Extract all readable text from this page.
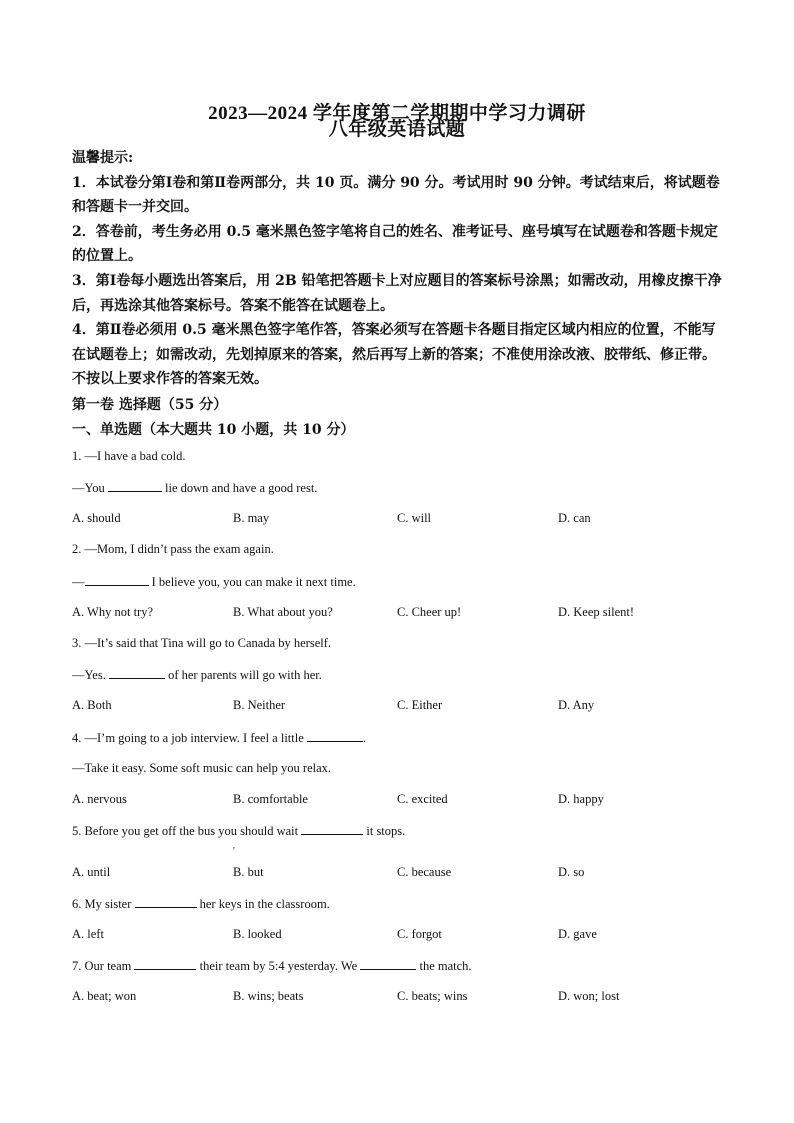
2023—2024 学年度第二学期期中学习力调研
八年级英语试题

温馨提示:

1．本试卷分第Ⅰ卷和第Ⅱ卷两部分，共 10 页。满分 90 分。考试用时 90 分钟。考试结束后，将试题卷和答题卡一并交回。

2．答卷前，考生务必用 0.5 毫米黑色签字笔将自己的姓名、准考证号、座号填写在试题卷和答题卡规定的位置上。

3．第Ⅰ卷每小题选出答案后，用 2B 铅笔把答题卡上对应题目的答案标号涂黑；如需改动，用橡皮擦干净后，再选涂其他答案标号。答案不能答在试题卷上。

4．第Ⅱ卷必须用 0.5 毫米黑色签字笔作答，答案必须写在答题卡各题目指定区域内相应的位置，不能写在试题卷上；如需改动，先划掉原来的答案，然后再写上新的答案；不准使用涂改液、胶带纸、修正带。不按以上要求作答的答案无效。

第一卷 选择题（55 分）
一、单选题（本大题共 10 小题，共 10 分）
1. —I have a bad cold.
—You	lie down and have a good rest.
A. should	B. may	C. will	D. can
2. —Mom, I didn’t pass the exam again.
—	I believe you, you can make it next time.
A. Why not try?	B. What about you?	C. Cheer up!	D. Keep silent!
3. —It’s said that Tina will go to Canada by herself.
—Yes.	of her parents will go with her.
A. Both	B. Neither	C. Either	D. Any
4. —I’m going to a job interview. I feel a little	.
—Take it easy. Some soft music can help you relax.
A. nervous	B. comfortable	C. excited	D. happy
5. Before you get off the bus you should wait	it stops.
'
A. until	B. but	C. because	D. so
6. My sister	her keys in the classroom.
A. left	B. looked	C. forgot	D. gave
7. Our team	their team by 5:4 yesterday. We	the match.
A. beat; won	B. wins; beats	C. beats; wins	D. won; lost
